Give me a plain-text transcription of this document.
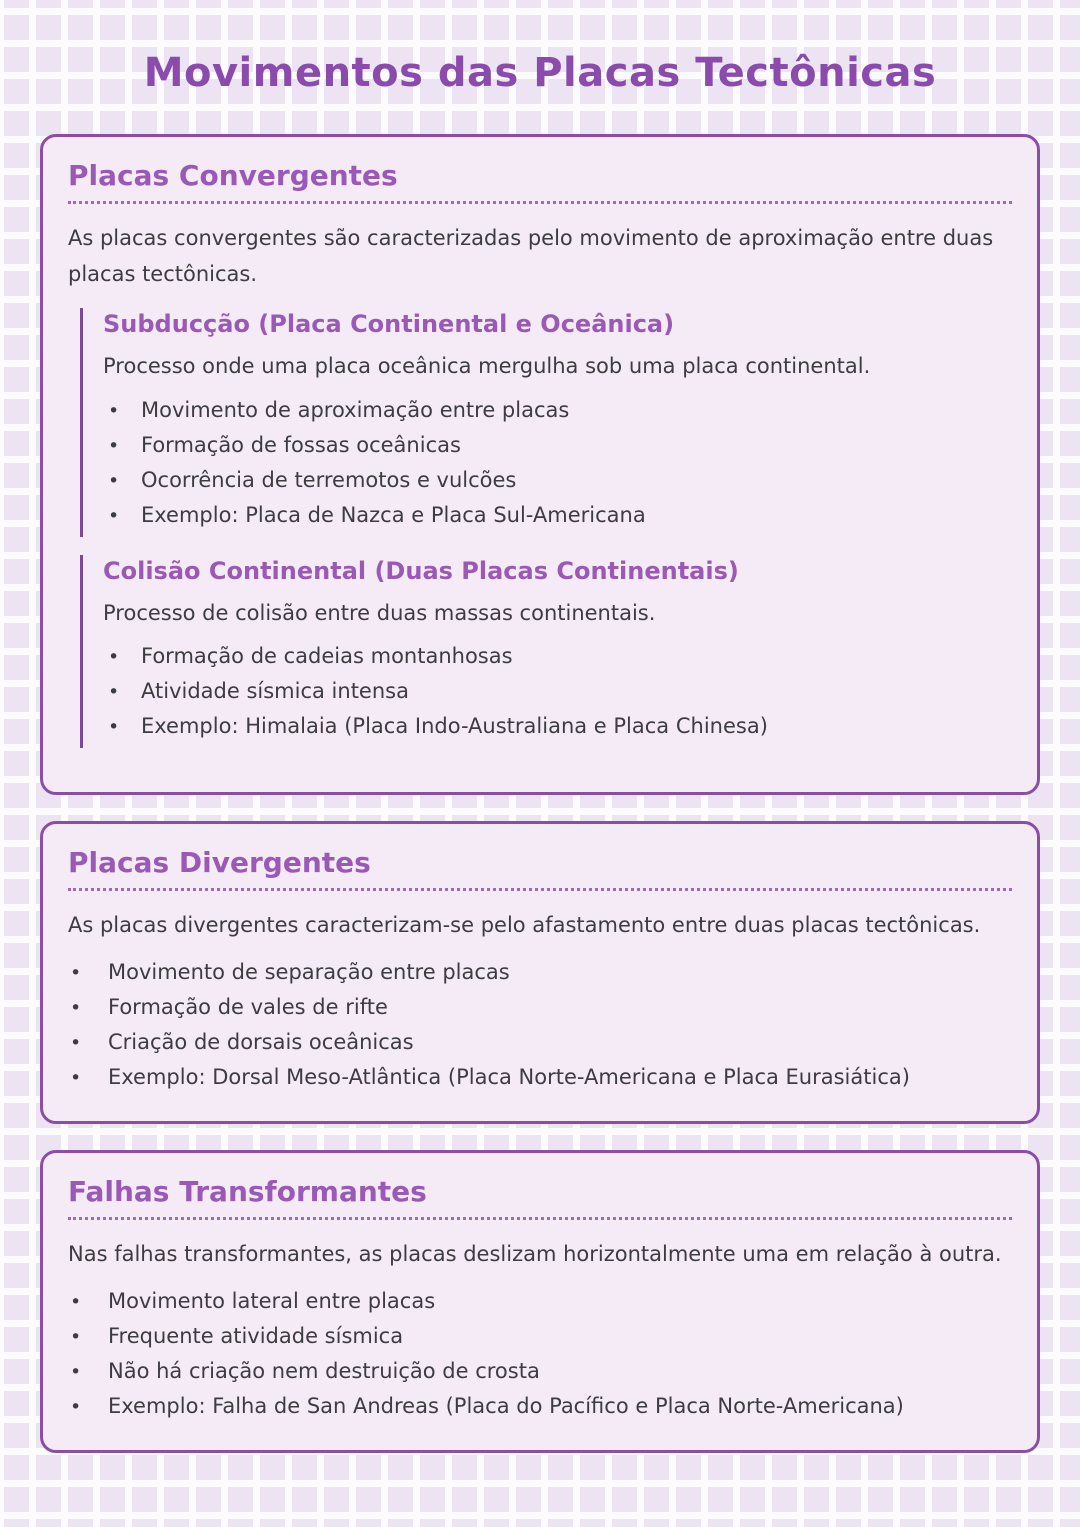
Movimentos das Placas Tectônicas
Placas Convergentes

As placas convergentes são caracterizadas pelo movimento de aproximação entre duas placas tectônicas.

Subducção (Placa Continental e Oceânica)

Processo onde uma placa oceânica mergulha sob uma placa continental.

•	Movimento de aproximação entre placas
•	Formação de fossas oceânicas
•	Ocorrência de terremotos e vulcões
•	Exemplo: Placa de Nazca e Placa Sul-Americana
Colisão Continental (Duas Placas Continentais)

Processo de colisão entre duas massas continentais.

•	Formação de cadeias montanhosas
•	Atividade sísmica intensa
•	Exemplo: Himalaia (Placa Indo-Australiana e Placa Chinesa)
Placas Divergentes

As placas divergentes caracterizam-se pelo afastamento entre duas placas tectônicas.

•	Movimento de separação entre placas
•	Formação de vales de rifte
•	Criação de dorsais oceânicas
•	Exemplo: Dorsal Meso-Atlântica (Placa Norte-Americana e Placa Eurasiática)
Falhas Transformantes

Nas falhas transformantes, as placas deslizam horizontalmente uma em relação à outra.

•	Movimento lateral entre placas
•	Frequente atividade sísmica
•	Não há criação nem destruição de crosta
•	Exemplo: Falha de San Andreas (Placa do Pacífico e Placa Norte-Americana)
